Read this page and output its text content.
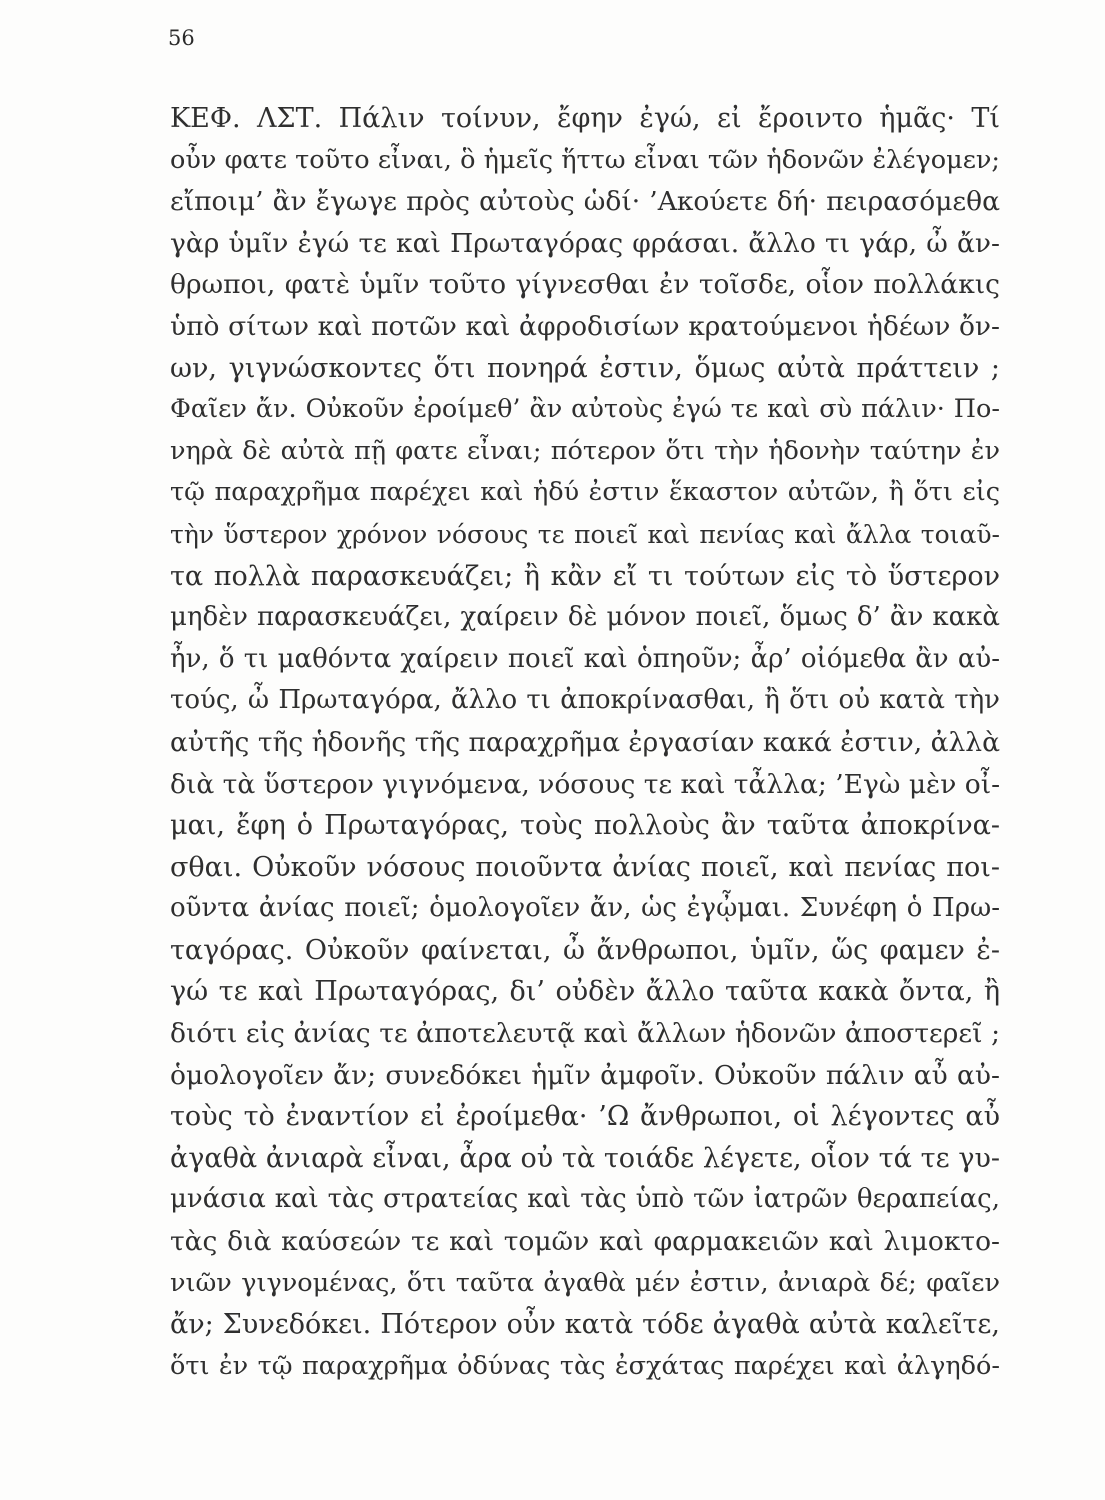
56
ΚΕΦ. ΛΣΤ. Πάλιν τοίνυν, ἔφην ἐγώ, εἰ ἔροιντο ἡμᾶς· Τί
οὖν φατε τοῦτο εἶναι, ὃ ἡμεῖς ἥττω εἶναι τῶν ἡδονῶν ἐλέγομεν;
εἴποιμ’ ἂν ἔγωγε πρὸς αὐτοὺς ὡδί· ’Ακούετε δή· πειρασόμεθα
γὰρ ὑμῖν ἐγώ τε καὶ Πρωταγόρας φράσαι. ἄλλο τι γάρ, ὦ ἄν-
θρωποι, φατὲ ὑμῖν τοῦτο γίγνεσθαι ἐν τοῖσδε, οἷον πολλάκις
ὑπὸ σίτων καὶ ποτῶν καὶ ἀφροδισίων κρατούμενοι ἡδέων ὄν-
ων, γιγνώσκοντες ὅτι πονηρά ἐστιν, ὅμως αὐτὰ πράττειν ;
Φαῖεν ἄν. Οὐκοῦν ἐροίμεθ’ ἂν αὐτοὺς ἐγώ τε καὶ σὺ πάλιν· Πο-
νηρὰ δὲ αὐτὰ πῇ φατε εἶναι; πότερον ὅτι τὴν ἡδονὴν ταύτην ἐν
τῷ παραχρῆμα παρέχει καὶ ἡδύ ἐστιν ἕκαστον αὐτῶν, ἢ ὅτι εἰς
τὴν ὕστερον χρόνον νόσους τε ποιεῖ καὶ πενίας καὶ ἄλλα τοιαῦ-
τα πολλὰ παρασκευάζει; ἢ κἂν εἴ τι τούτων εἰς τὸ ὕστερον
μηδὲν παρασκευάζει, χαίρειν δὲ μόνον ποιεῖ, ὅμως δ’ ἂν κακὰ
ἦν, ὅ τι μαθόντα χαίρειν ποιεῖ καὶ ὁπηοῦν; ἆρ’ οἰόμεθα ἂν αὐ-
τούς, ὦ Πρωταγόρα, ἄλλο τι ἀποκρίνασθαι, ἢ ὅτι οὐ κατὰ τὴν
αὐτῆς τῆς ἡδονῆς τῆς παραχρῆμα ἐργασίαν κακά ἐστιν, ἀλλὰ
διὰ τὰ ὕστερον γιγνόμενα, νόσους τε καὶ τἆλλα; ’Εγὼ μὲν οἶ-
μαι, ἔφη ὁ Πρωταγόρας, τοὺς πολλοὺς ἂν ταῦτα ἀποκρίνα-
σθαι. Οὐκοῦν νόσους ποιοῦντα ἀνίας ποιεῖ, καὶ πενίας ποι-
οῦντα ἀνίας ποιεῖ; ὁμολογοῖεν ἄν, ὡς ἐγᾦμαι. Συνέφη ὁ Πρω-
ταγόρας. Οὐκοῦν φαίνεται, ὦ ἄνθρωποι, ὑμῖν, ὥς φαμεν ἐ-
γώ τε καὶ Πρωταγόρας, δι’ οὐδὲν ἄλλο ταῦτα κακὰ ὄντα, ἢ
διότι εἰς ἀνίας τε ἀποτελευτᾷ καὶ ἄλλων ἡδονῶν ἀποστερεῖ ;
ὁμολογοῖεν ἄν; συνεδόκει ἡμῖν ἀμφοῖν. Οὐκοῦν πάλιν αὖ αὐ-
τοὺς τὸ ἐναντίον εἰ ἐροίμεθα· ’Ω ἄνθρωποι, οἱ λέγοντες αὖ
ἀγαθὰ ἀνιαρὰ εἶναι, ἆρα οὐ τὰ τοιάδε λέγετε, οἷον τά τε γυ-
μνάσια καὶ τὰς στρατείας καὶ τὰς ὑπὸ τῶν ἰατρῶν θεραπείας,
τὰς διὰ καύσεών τε καὶ τομῶν καὶ φαρμακειῶν καὶ λιμοκτο-
νιῶν γιγνομένας, ὅτι ταῦτα ἀγαθὰ μέν ἐστιν, ἀνιαρὰ δέ; φαῖεν
ἄν; Συνεδόκει. Πότερον οὖν κατὰ τόδε ἀγαθὰ αὐτὰ καλεῖτε,
ὅτι ἐν τῷ παραχρῆμα ὀδύνας τὰς ἐσχάτας παρέχει καὶ ἀλγηδό-
